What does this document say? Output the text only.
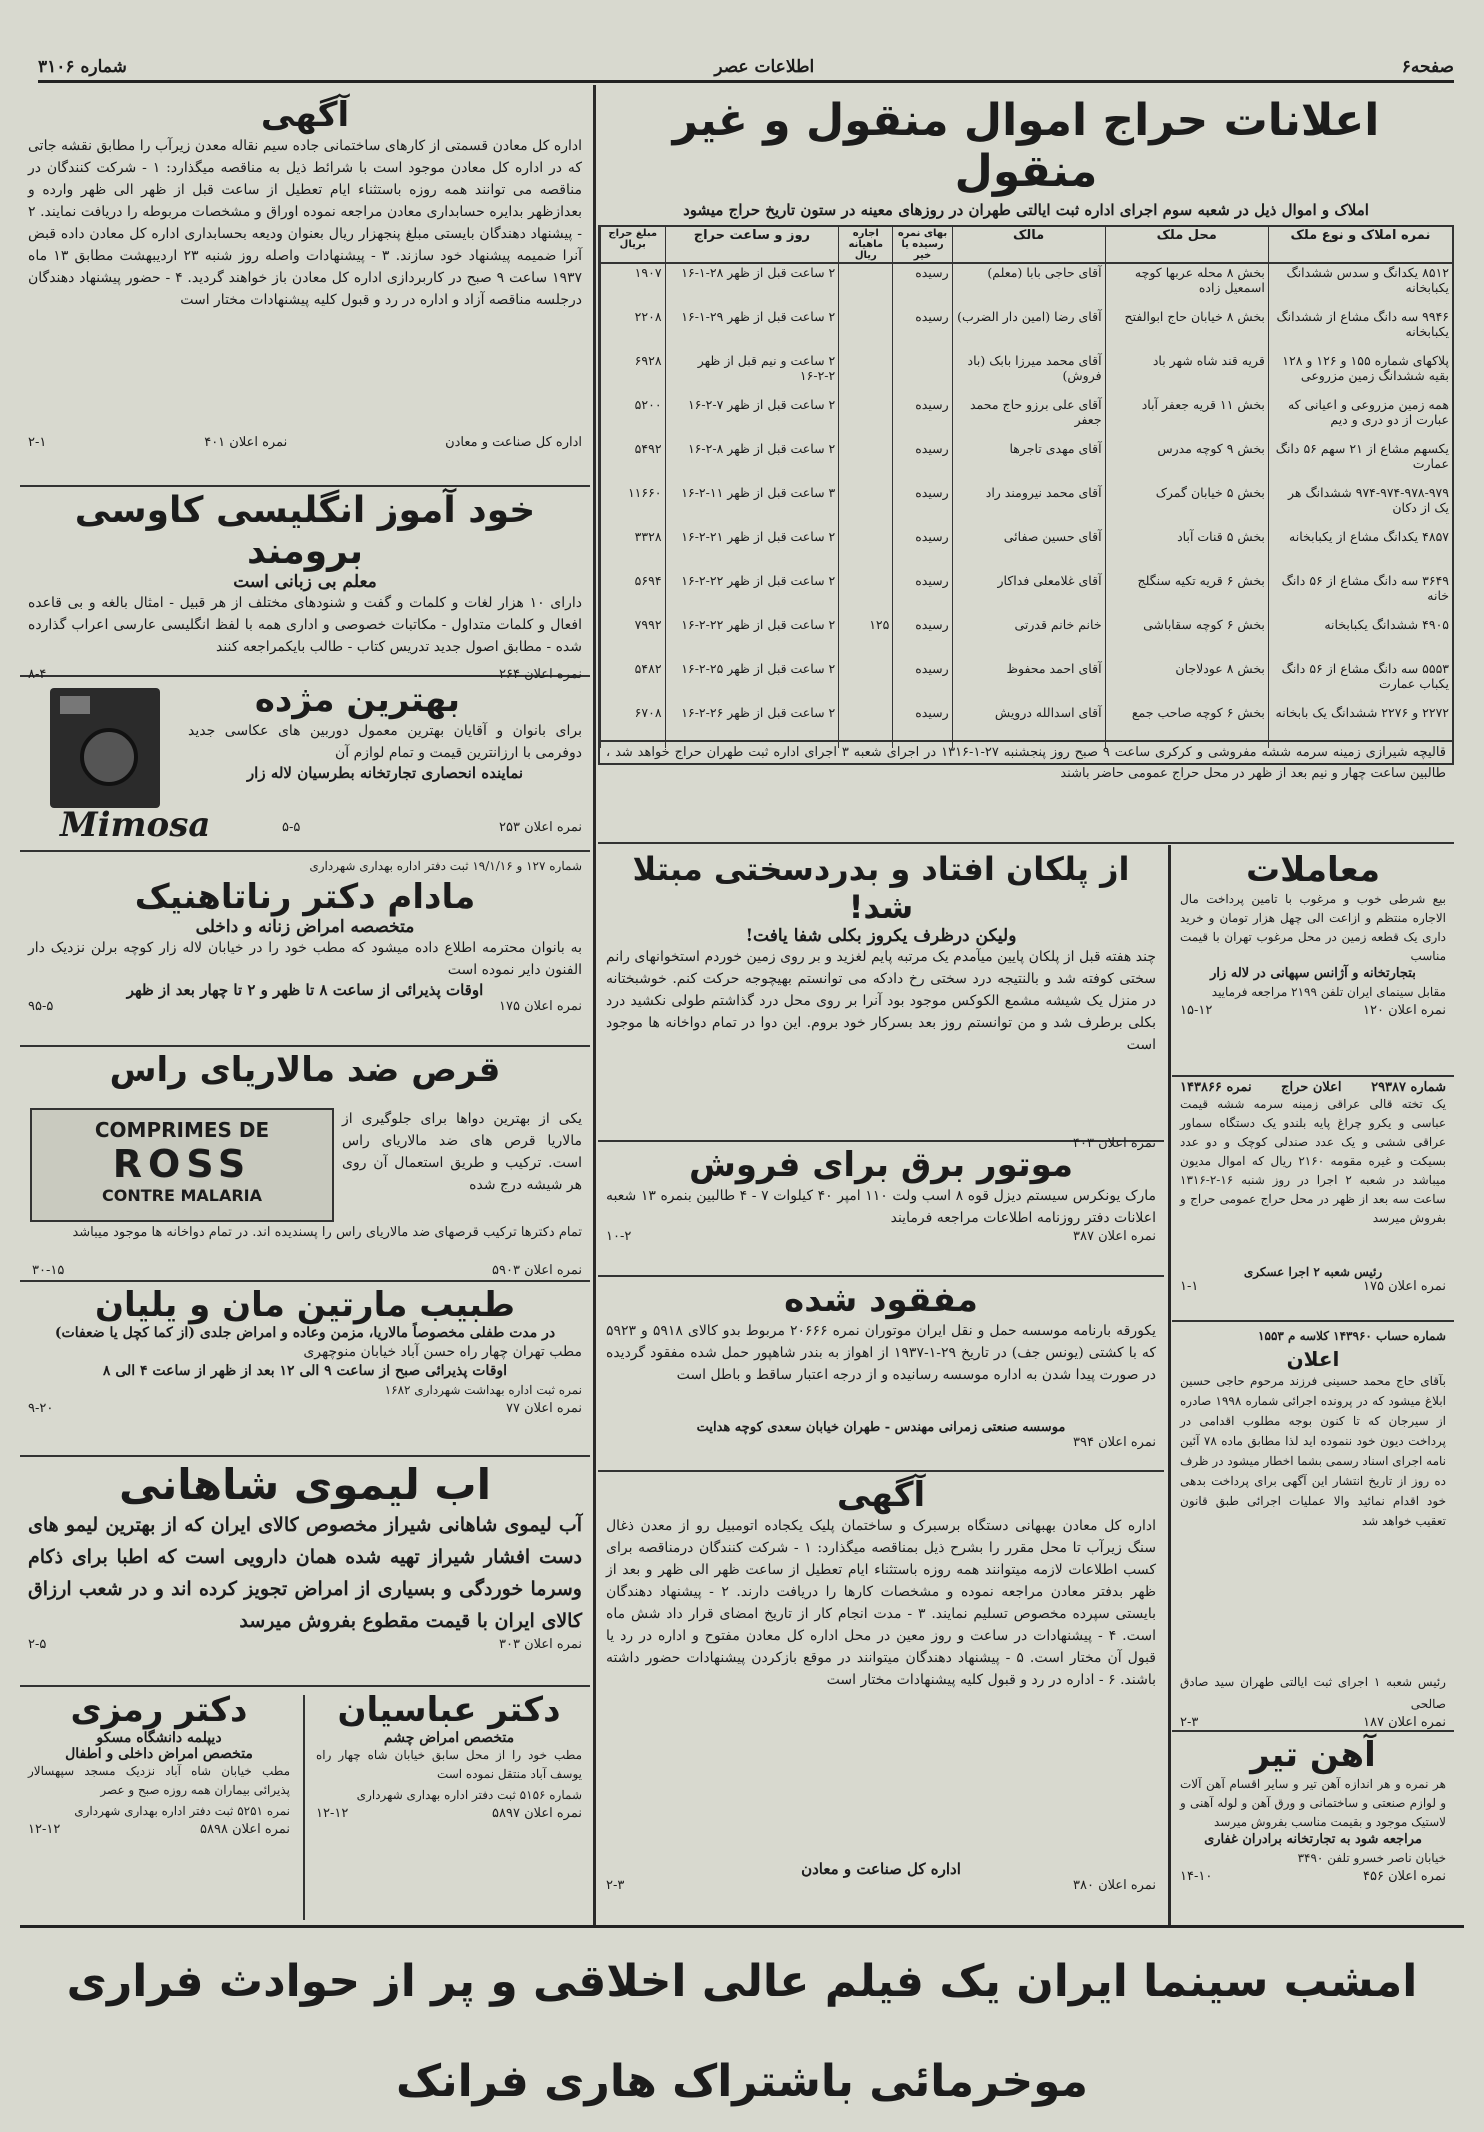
شماره ۳۱۰۶	اطلاعات عصر	صفحه۶
اعلانات حراج اموال منقول و غیر منقول
املاک و اموال ذیل در شعبه سوم اجرای اداره ثبت ایالتی طهران در روزهای معینه در ستون تاریخ حراج میشود
نمره املاک و نوع ملک	محل ملک	مالک	بهای نمره رسیده یا خیر	اجاره ماهیانه ریال	روز و ساعت حراج	مبلغ حراج بریال
۸۵۱۲ یکدانگ و سدس ششدانگ یکبابخانه	بخش ۸ محله عربها کوچه اسمعیل زاده	آقای حاجی بابا (معلم)	رسیده		۲ ساعت قبل از ظهر ۲۸-۱-۱۶	۱۹۰۷
۹۹۴۶ سه دانگ مشاع از ششدانگ یکبابخانه	بخش ۸ خیابان حاج ابوالفتح	آقای رضا (امین دار الضرب)	رسیده		۲ ساعت قبل از ظهر ۲۹-۱-۱۶	۲۲۰۸
پلاکهای شماره ۱۵۵ و ۱۲۶ و ۱۲۸ بقیه ششدانگ زمین مزروعی	قریه قند شاه شهر باد	آقای محمد میرزا بابک (باد فروش)			۲ ساعت و نیم قبل از ظهر ۲-۲-۱۶	۶۹۲۸
همه زمین مزروعی و اعیانی که عبارت از دو دری و دیم	بخش ۱۱ قریه جعفر آباد	آقای علی برزو حاج محمد جعفر	رسیده		۲ ساعت قبل از ظهر ۷-۲-۱۶	۵۲۰۰
یکسهم مشاع از ۲۱ سهم ۵۶ دانگ عمارت	بخش ۹ کوچه مدرس	آقای مهدی تاجرها	رسیده		۲ ساعت قبل از ظهر ۸-۲-۱۶	۵۴۹۲
۹۷۴-۹۷۴-۹۷۸-۹۷۹ ششدانگ هر یک از دکان	بخش ۵ خیابان گمرک	آقای محمد نیرومند راد	رسیده		۳ ساعت قبل از ظهر ۱۱-۲-۱۶	۱۱۶۶۰
۴۸۵۷ یکدانگ مشاع از یکبابخانه	بخش ۵ قنات آباد	آقای حسین صفائی	رسیده		۲ ساعت قبل از ظهر ۲۱-۲-۱۶	۳۳۲۸
۳۶۴۹ سه دانگ مشاع از ۵۶ دانگ خانه	بخش ۶ قریه تکیه سنگلج	آقای غلامعلی فداکار	رسیده		۲ ساعت قبل از ظهر ۲۲-۲-۱۶	۵۶۹۴
۴۹۰۵ ششدانگ یکبابخانه	بخش ۶ کوچه سقاباشی	خانم خانم قدرتی	رسیده	۱۲۵	۲ ساعت قبل از ظهر ۲۲-۲-۱۶	۷۹۹۲
۵۵۵۳ سه دانگ مشاع از ۵۶ دانگ یکباب عمارت	بخش ۸ عودلاجان	آقای احمد محفوظ	رسیده		۲ ساعت قبل از ظهر ۲۵-۲-۱۶	۵۴۸۲
۲۲۷۲ و ۲۲۷۶ ششدانگ یک بابخانه	بخش ۶ کوچه صاحب جمع	آقای اسدالله درویش	رسیده		۲ ساعت قبل از ظهر ۲۶-۲-۱۶	۶۷۰۸
قالیچه شیرازی زمینه سرمه ششه مفروشی و کرکری ساعت ۹ صبح روز پنجشنبه ۲۷-۱-۱۳۱۶ در اجرای شعبه ۳ اجرای اداره ثبت طهران حراج خواهد شد ، طالبین ساعت چهار و نیم بعد از ظهر در محل حراج عمومی حاضر باشند
آگهی
اداره کل معادن قسمتی از کارهای ساختمانی جاده سیم نقاله معدن زیرآب را مطابق نقشه جاتی که در اداره کل معادن موجود است با شرائط ذیل به مناقصه میگذارد: ۱ - شرکت کنندگان در مناقصه می توانند همه روزه باستثناء ایام تعطیل از ساعت قبل از ظهر الی ظهر وارده و بعدازظهر بدایره حسابداری معادن مراجعه نموده اوراق و مشخصات مربوطه را دریافت نمایند. ۲ - پیشنهاد دهندگان بایستی مبلغ پنجهزار ریال بعنوان ودیعه بحسابداری اداره کل معادن داده قبض آنرا ضمیمه پیشنهاد خود سازند. ۳ - پیشنهادات واصله روز شنبه ۲۳ اردیبهشت مطابق ۱۳ ماه ۱۹۳۷ ساعت ۹ صبح در کاربردازی اداره کل معادن باز خواهند گردید. ۴ - حضور پیشنهاد دهندگان درجلسه مناقصه آزاد و اداره در رد و قبول کلیه پیشنهادات مختار است
اداره کل صناعت و معادن
نمره اعلان ۴۰۱
۲-۱
خود آموز انگلیسی کاوسی برومند
معلم بی زبانی است
دارای ۱۰ هزار لغات و کلمات و گفت و شنودهای مختلف از هر قبیل - امثال بالغه و بی قاعده افعال و کلمات متداول - مکاتبات خصوصی و اداری همه با لفظ انگلیسی عارسی اعراب گذارده شده - مطابق اصول جدید تدریس کتاب - طالب بایکمراجعه کنند
نمره اعلان ۲۶۴
۸-۴
بهترین مژده
برای بانوان و آقایان بهترین معمول دوربین های عکاسی جدید دوفرمی با ارزانترین قیمت و تمام لوازم آن
نماینده انحصاری تجارتخانه بطرسیان لاله زار
Mimosa	نمره اعلان ۲۵۳
۵-۵
شماره ۱۲۷ و ۱۹/۱/۱۶ ثبت دفتر اداره بهداری شهرداری
مادام دکتر رناتاهنیک
متخصصه امراض زنانه و داخلی
به بانوان محترمه اطلاع داده میشود که مطب خود را در خیابان لاله زار کوچه برلن نزدیک دار الفنون دایر نموده است
اوقات پذیرائی از ساعت ۸ تا ظهر و ۲ تا چهار بعد از ظهر
نمره اعلان ۱۷۵
۹۵-۵
قرص ضد مالاریای راس
COMPRIMES DE
ROSS
CONTRE MALARIA
یکی از بهترین دواها برای جلوگیری از مالاریا قرص های ضد مالاریای راس است. ترکیب و طریق استعمال آن روی هر شیشه درج شده
تمام دکترها ترکیب قرصهای ضد مالاریای راس را پسندیده اند. در تمام دواخانه ها موجود میباشد
نمره اعلان ۵۹۰۳
۳۰-۱۵
طبیب مارتین مان و یلیان
در مدت طفلی مخصوصاً مالاریا، مزمن وعاده و امراض جلدی (از کما کچل یا ضعفات)
مطب تهران چهار راه حسن آباد خیابان منوچهری
اوقات پذیرائی صبح از ساعت ۹ الی ۱۲ بعد از ظهر از ساعت ۴ الی ۸
نمره ثبت اداره بهداشت شهرداری ۱۶۸۲
نمره اعلان ۷۷
۹-۲۰
اب لیموی شاهانی
آب لیموی شاهانی شیراز مخصوص کالای ایران که از بهترین لیمو های دست افشار شیراز تهیه شده همان دارویی است که اطبا برای ذکام وسرما خوردگی و بسیاری از امراض تجویز کرده اند و در شعب ارزاق کالای ایران با قیمت مقطوع بفروش میرسد
نمره اعلان ۳۰۳
۲-۵
دکتر رمزی
دیپلمه دانشگاه مسکو
متخصص امراض داخلی و اطفال
مطب خیابان شاه آباد نزدیک مسجد سپهسالار پذیرائی بیماران همه روزه صبح و عصر
نمره ۵۲۵۱ ثبت دفتر اداره بهداری شهرداری
نمره اعلان ۵۸۹۸
۱۲-۱۲
دکتر عباسیان
متخصص امراض چشم
مطب خود را از محل سابق خیابان شاه چهار راه یوسف آباد منتقل نموده است
شماره ۵۱۵۶ ثبت دفتر اداره بهداری شهرداری
نمره اعلان ۵۸۹۷
۱۲-۱۲
از پلکان افتاد و بدردسختی مبتلا شد!
ولیکن درظرف یکروز بکلی شفا یافت!
چند هفته قبل از پلکان پایین میآمدم یک مرتبه پایم لغزید و بر روی زمین خوردم استخوانهای رانم سختی کوفته شد و بالنتیجه درد سختی رخ دادکه می توانستم بهیچوجه حرکت کنم. خوشبختانه در منزل یک شیشه مشمع الکوکس موجود بود آنرا بر روی محل درد گذاشتم طولی نکشید درد بکلی برطرف شد و من توانستم روز بعد بسرکار خود بروم. این دوا در تمام دواخانه ها موجود است
نمره اعلان ۴۰۳
موتور برق برای فروش
مارک یونکرس سیستم دیزل قوه ۸ اسب ولت ۱۱۰ امپر ۴۰ کیلوات ۷ - ۴ طالبین بنمره ۱۳ شعبه اعلانات دفتر روزنامه اطلاعات مراجعه فرمایند
نمره اعلان ۳۸۷
۱۰-۲
مفقود شده
یکورقه بارنامه موسسه حمل و نقل ایران موتوران نمره ۲۰۶۶۶ مربوط بدو کالای ۵۹۱۸ و ۵۹۲۳ که با کشتی (یونس جف) در تاریخ ۲۹-۱-۱۹۳۷ از اهواز به بندر شاهپور حمل شده مفقود گردیده در صورت پیدا شدن به اداره موسسه رسانیده و از درجه اعتبار ساقط و باطل است
موسسه صنعتی زمرانی مهندس - طهران خیابان سعدی کوچه هدایت
نمره اعلان ۳۹۴
آگهی
اداره کل معادن بهبهانی دستگاه برسبرک و ساختمان پلیک یکجاده اتومبیل رو از معدن ذغال سنگ زیرآب تا محل مقرر را بشرح ذیل بمناقصه میگذارد: ۱ - شرکت کنندگان درمناقصه برای کسب اطلاعات لازمه میتوانند همه روزه باستثناء ایام تعطیل از ساعت ظهر الی ظهر و بعد از ظهر بدفتر معادن مراجعه نموده و مشخصات کارها را دریافت دارند. ۲ - پیشنهاد دهندگان بایستی سپرده مخصوص تسلیم نمایند. ۳ - مدت انجام کار از تاریخ امضای قرار داد شش ماه است. ۴ - پیشنهادات در ساعت و روز معین در محل اداره کل معادن مفتوح و اداره در رد یا قبول آن مختار است. ۵ - پیشنهاد دهندگان میتوانند در موقع بازکردن پیشنهادات حضور داشته باشند. ۶ - اداره در رد و قبول کلیه پیشنهادات مختار است
اداره کل صناعت و معادن
نمره اعلان ۳۸۰
۲-۳
معاملات
بیع شرطی خوب و مرغوب با تامین پرداخت مال الاجاره منتظم و ازاعت الی چهل هزار تومان و خرید داری یک قطعه زمین در محل مرغوب تهران با قیمت مناسب
بتجارتخانه و آژانس سپهانی در لاله زار
مقابل سینمای ایران تلفن ۲۱۹۹ مراجعه فرمایید
نمره اعلان ۱۲۰
۱۵-۱۲
شماره ۲۹۳۸۷
اعلان حراج
نمره ۱۴۳۸۶۶
یک تخته قالی عراقی زمینه سرمه ششه قیمت عباسی و یکرو چراغ پایه بلندو یک دستگاه سماور عراقی ششی و یک عدد صندلی کوچک و دو عدد بسیکت و غیره مقومه ۲۱۶۰ ریال که اموال مدیون میباشد در شعبه ۲ اجرا در روز شنبه ۱۶-۲-۱۳۱۶ ساعت سه بعد از ظهر در محل حراج عمومی حراج و بفروش میرسد
رئیس شعبه ۲ اجرا عسکری
نمره اعلان ۱۷۵
۱-۱
شماره حساب ۱۴۳۹۶۰ کلاسه م ۱۵۵۳
اعلان
بآقای حاج محمد حسینی فرزند مرحوم حاجی حسین ابلاغ میشود که در پرونده اجرائی شماره ۱۹۹۸ صادره از سیرجان که تا کنون بوجه مطلوب اقدامی در پرداخت دیون خود ننموده اید لذا مطابق ماده ۷۸ آئین نامه اجرای اسناد رسمی بشما اخطار میشود در ظرف ده روز از تاریخ انتشار این آگهی برای پرداخت بدهی خود اقدام نمائید والا عملیات اجرائی طبق قانون تعقیب خواهد شد
رئیس شعبه ۱ اجرای ثبت ایالتی طهران سید صادق صالحی
نمره اعلان ۱۸۷
۲-۳
آهن تیر
هر نمره و هر اندازه آهن تیر و سایر اقسام آهن آلات و لوازم صنعتی و ساختمانی و ورق آهن و لوله آهنی و لاستیک موجود و بقیمت مناسب بفروش میرسد
مراجعه شود به تجارتخانه برادران غفاری
خیابان ناصر خسرو تلفن ۳۴۹۰
نمره اعلان ۴۵۶
۱۴-۱۰
امشب سینما ایران یک فیلم عالی اخلاقی و پر از حوادث فراری موخرمائی باشتراک هاری فرانک
